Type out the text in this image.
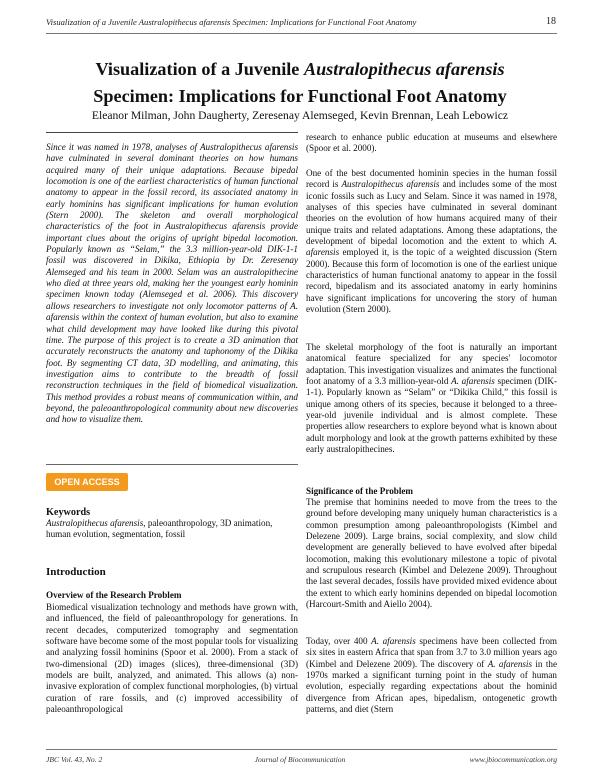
Visualization of a Juvenile Australopithecus afarensis Specimen: Implications for Functional Foot Anatomy	18
Visualization of a Juvenile Australopithecus afarensis
Specimen: Implications for Functional Foot Anatomy
Eleanor Milman, John Daugherty, Zeresenay Alemseged, Kevin Brennan, Leah Lebowicz

Since it was named in 1978, analyses of Australopithecus afarensis have culminated in several dominant theories on how humans acquired many of their unique adaptations. Because bipedal locomotion is one of the earliest characteristics of human functional anatomy to appear in the fossil record, its associated anatomy in early hominins has significant implications for human evolution (Stern 2000). The skeleton and overall morphological characteristics of the foot in Australopithecus afarensis provide important clues about the origins of upright bipedal locomotion. Popularly known as “Selam,” the 3.3 million-year-old DIK-1-1 fossil was discovered in Dikika, Ethiopia by Dr. Zeresenay Alemseged and his team in 2000. Selam was an australopithecine who died at three years old, making her the youngest early hominin specimen known today (Alemseged et al. 2006). This discovery allows researchers to investigate not only locomotor patterns of A. afarensis within the context of human evolution, but also to examine what child development may have looked like during this pivotal time. The purpose of this project is to create a 3D animation that accurately reconstructs the anatomy and taphonomy of the Dikika foot. By segmenting CT data, 3D modelling, and animating, this investigation aims to contribute to the breadth of fossil reconstruction techniques in the field of biomedical visualization. This method provides a robust means of communication within, and beyond, the paleoanthropological community about new discoveries and how to visualize them.

OPEN ACCESS
Keywords

Australopithecus afarensis, paleoanthropology, 3D animation, human evolution, segmentation, fossil

Introduction
Overview of the Research Problem

Biomedical visualization technology and methods have grown with, and influenced, the field of paleoanthropology for generations. In recent decades, computerized tomography and segmentation software have become some of the most popular tools for visualizing and analyzing fossil hominins (Spoor et al. 2000). From a stack of two-dimensional (2D) images (slices), three-dimensional (3D) models are built, analyzed, and animated. This allows (a) non-invasive exploration of complex functional morphologies, (b) virtual curation of rare fossils, and (c) improved accessibility of paleoanthropological

research to enhance public education at museums and elsewhere (Spoor et al. 2000).

One of the best documented hominin species in the human fossil record is Australopithecus afarensis and includes some of the most iconic fossils such as Lucy and Selam. Since it was named in 1978, analyses of this species have culminated in several dominant theories on the evolution of how humans acquired many of their unique traits and related adaptations. Among these adaptations, the development of bipedal locomotion and the extent to which A. afarensis employed it, is the topic of a weighted discussion (Stern 2000). Because this form of locomotion is one of the earliest unique characteristics of human functional anatomy to appear in the fossil record, bipedalism and its associated anatomy in early hominins have significant implications for uncovering the story of human evolution (Stern 2000).

The skeletal morphology of the foot is naturally an important anatomical feature specialized for any species' locomotor adaptation. This investigation visualizes and animates the functional foot anatomy of a 3.3 million-year-old A. afarensis specimen (DIK-1-1). Popularly known as “Selam” or “Dikika Child,” this fossil is unique among others of its species, because it belonged to a three-year-old juvenile individual and is almost complete. These properties allow researchers to explore beyond what is known about adult morphology and look at the growth patterns exhibited by these early australopithecines.

Significance of the Problem

The premise that hominins needed to move from the trees to the ground before developing many uniquely human characteristics is a common presumption among paleoanthropologists (Kimbel and Delezene 2009). Large brains, social complexity, and slow child development are generally believed to have evolved after bipedal locomotion, making this evolutionary milestone a topic of pivotal and scrupulous research (Kimbel and Delezene 2009). Throughout the last several decades, fossils have provided mixed evidence about the extent to which early hominins depended on bipedal locomotion (Harcourt-Smith and Aiello 2004).

Today, over 400 A. afarensis specimens have been collected from six sites in eastern Africa that span from 3.7 to 3.0 million years ago (Kimbel and Delezene 2009). The discovery of A. afarensis in the 1970s marked a significant turning point in the study of human evolution, especially regarding expectations about the hominid divergence from African apes, bipedalism, ontogenetic growth patterns, and diet (Stern

JBC Vol. 43, No. 2	Journal of Biocommunication	www.jbiocommunication.org
